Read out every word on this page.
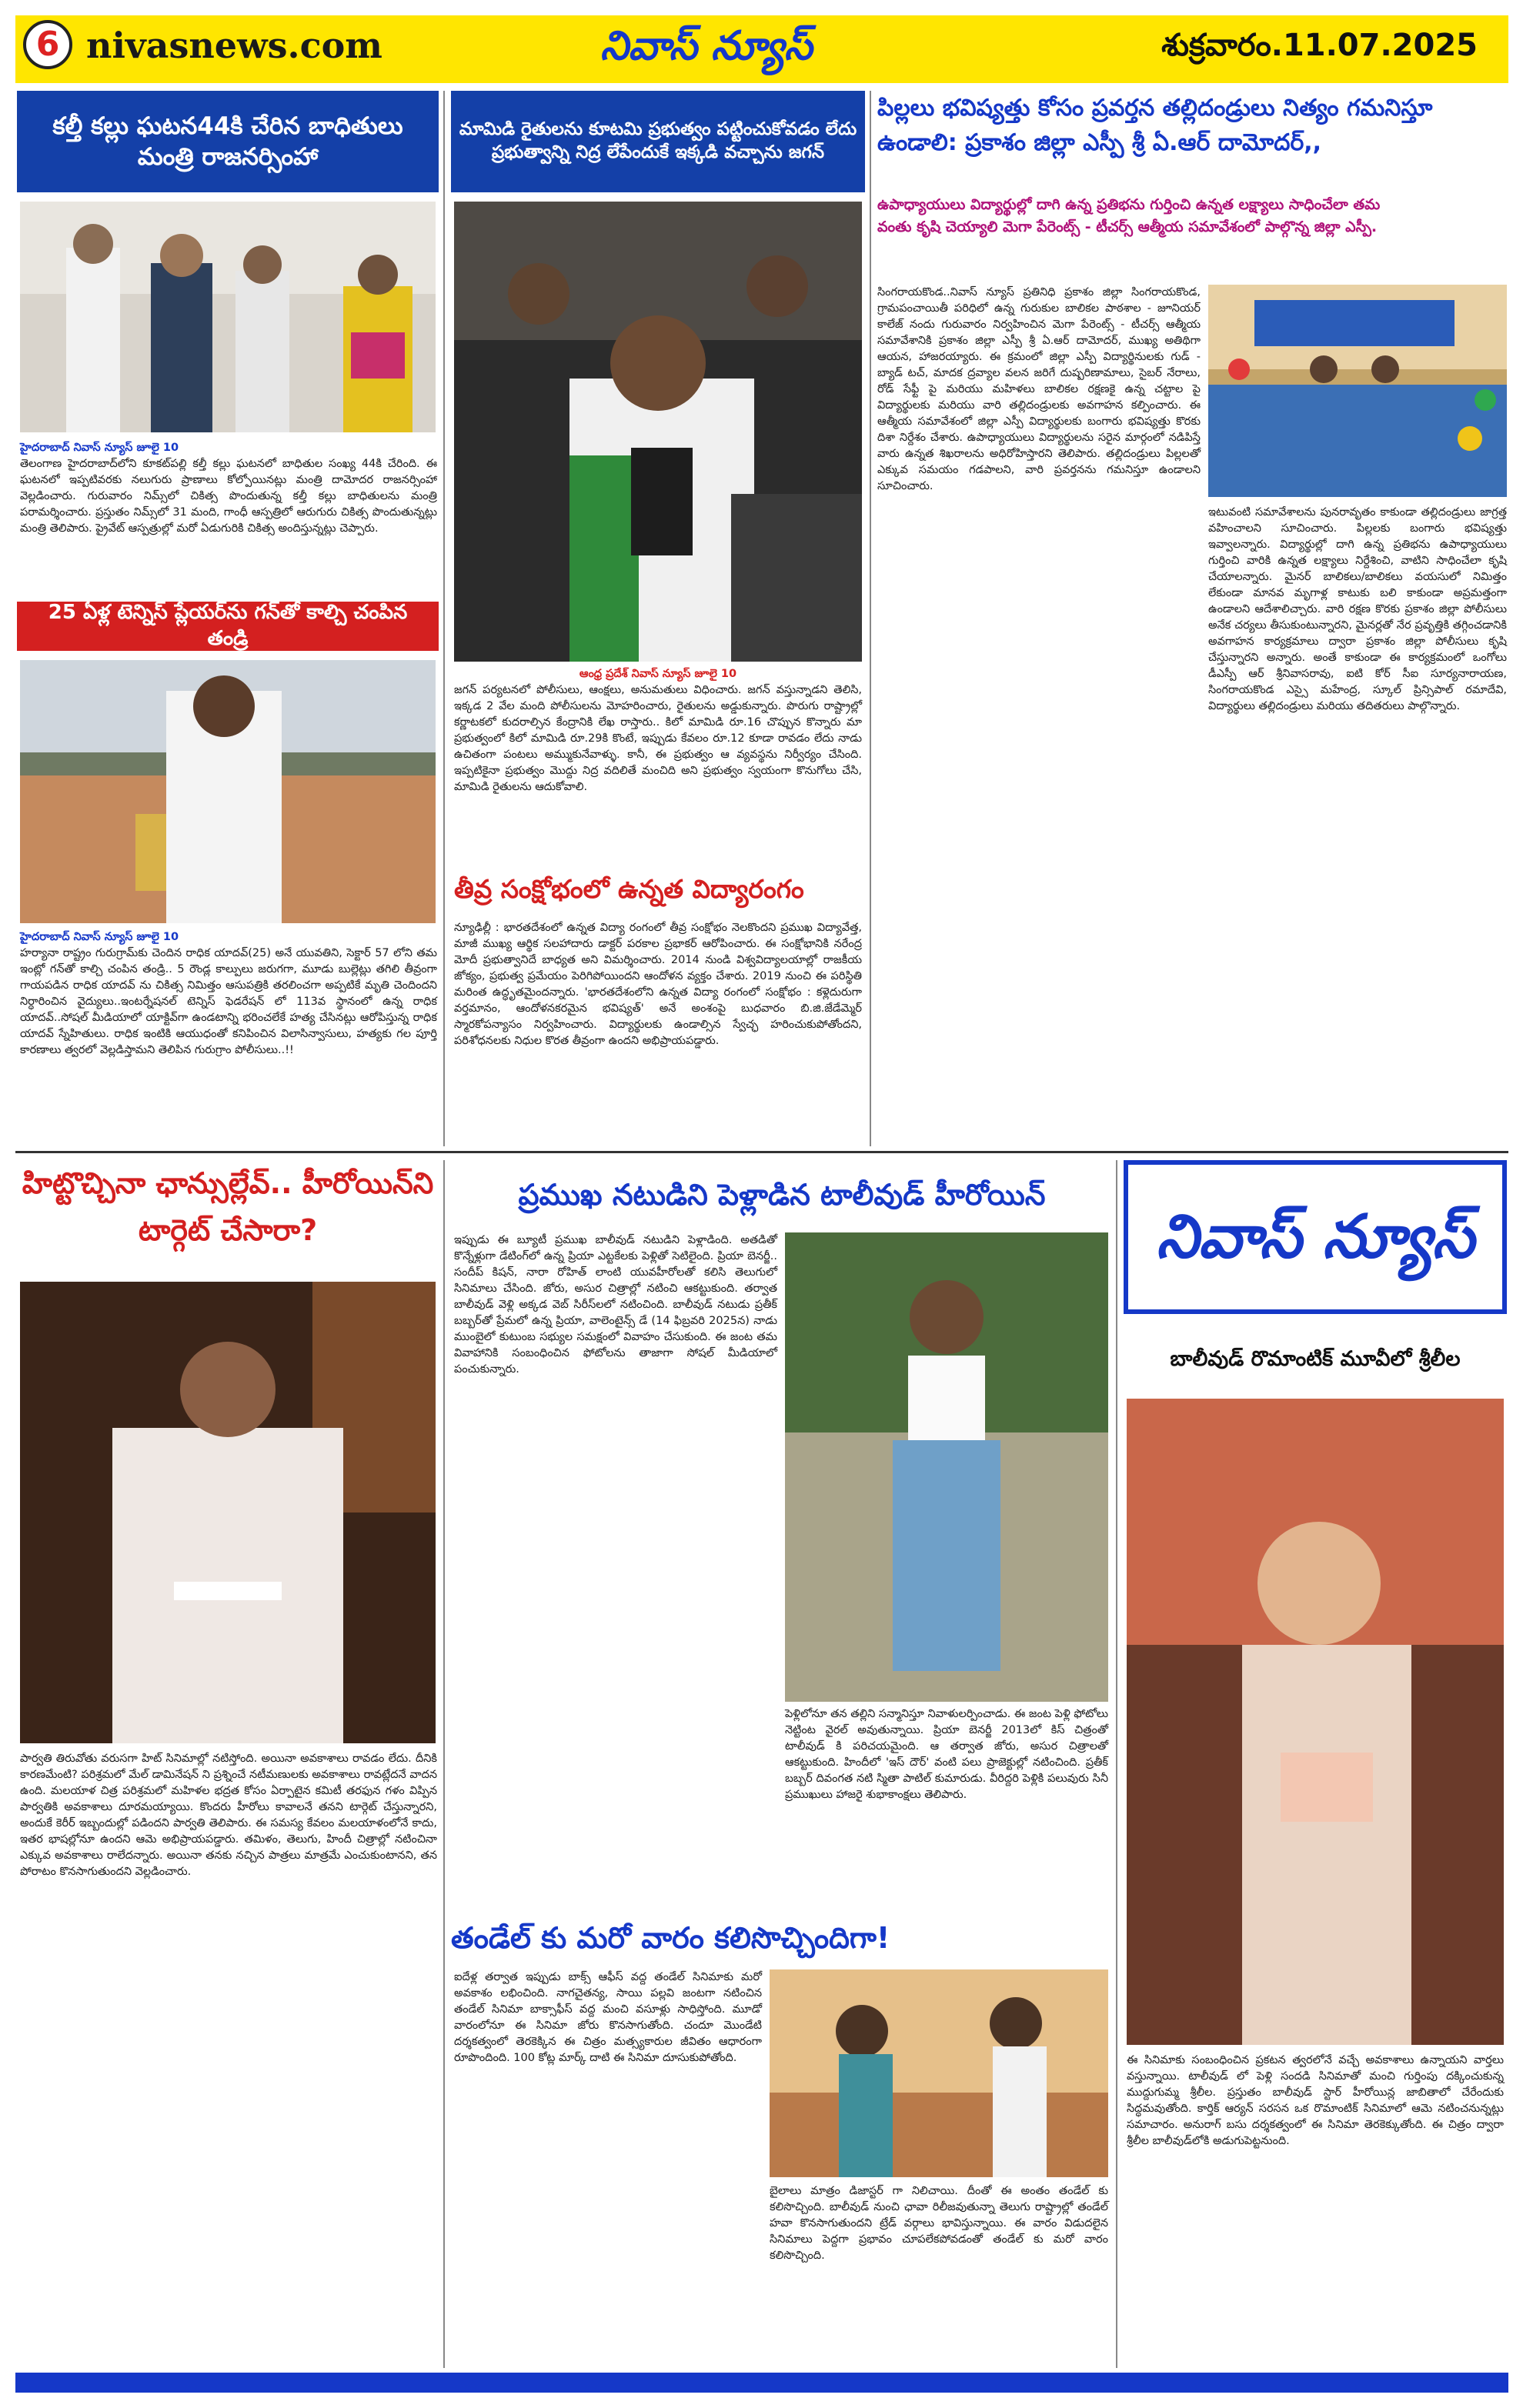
6 nivasnews.com	నివాస్ న్యూస్	శుక్రవారం.11.07.2025
కల్తీ కల్లు ఘటన44కి చేరిన బాధితులు మంత్రి రాజనర్సింహా
హైదరాబాద్ నివాస్ న్యూస్ జూలై 10
తెలంగాణ హైదరాబాద్‌లోని కూకట్‌పల్లి కల్తీ కల్లు ఘటనలో బాధితుల సంఖ్య 44కి చేరింది. ఈ ఘటనలో ఇప్పటివరకు నలుగురు ప్రాణాలు కోల్పోయినట్లు మంత్రి దామోదర రాజనర్సింహా వెల్లడించారు. గురువారం నిమ్స్‌లో చికిత్స పొందుతున్న కల్తీ కల్లు బాధితులను మంత్రి పరామర్శించారు. ప్రస్తుతం నిమ్స్‌లో 31 మంది, గాంధీ ఆస్పత్రిలో ఆరుగురు చికిత్స పొందుతున్నట్లు మంత్రి తెలిపారు. ప్రైవేట్ ఆస్పత్రుల్లో మరో ఏడుగురికి చికిత్స అందిస్తున్నట్లు చెప్పారు.
25 ఏళ్ల టెన్నిస్ ప్లేయర్‌ను గన్‌తో కాల్చి చంపిన తండ్రి
హైదరాబాద్ నివాస్ న్యూస్ జూలై 10
హర్యానా రాష్ట్రం గురుగ్రామ్‌కు చెందిన రాధిక యాదవ్(25) అనే యువతిని, సెక్టార్ 57 లోని తమ ఇంట్లో గన్‌తో కాల్చి చంపిన తండ్రి.. 5 రౌండ్ల కాల్పులు జరుగగా, మూడు బుల్లెట్లు తగిలి తీవ్రంగా గాయపడిన రాధిక యాదవ్ ను చికిత్స నిమిత్తం ఆసుపత్రికి తరలించగా అప్పటికే మృతి చెందిందని నిర్ధారించిన వైద్యులు..ఇంటర్నేషనల్ టెన్నిస్ ఫెడరేషన్ లో 113వ స్థానంలో ఉన్న రాధిక యాదవ్..సోషల్ మీడియాలో యాక్టివ్‌గా ఉండటాన్ని భరించలేకే హత్య చేసినట్లు ఆరోపిస్తున్న రాధిక యాదవ్ స్నేహితులు. రాధిక ఇంటికి ఆయుధంతో కనిపించిన విలాసిన్వాసులు, హత్యకు గల పూర్తి కారణాలు త్వరలో వెల్లడిస్తామని తెలిపిన గురుగ్రాం పోలీసులు..!!
మామిడి రైతులను కూటమి ప్రభుత్వం పట్టించుకోవడం లేదు ప్రభుత్వాన్ని నిద్ర లేపేందుకే ఇక్కడి వచ్చాను జగన్
ఆంధ్ర ప్రదేశ్ నివాస్ న్యూస్ జూలై 10
జగన్ పర్యటనలో పోలీసులు, ఆంక్షలు, అనుమతులు విధించారు. జగన్ వస్తున్నాడని తెలిసి, ఇక్కడ 2 వేల మంది పోలీసులను మోహరించారు, రైతులను అడ్డుకున్నారు. పొరుగు రాష్ట్రాల్లో కర్ణాటకలో కుదరాల్సిన కేంద్రానికి లేఖ రాస్తారు.. కిలో మామిడి రూ.16 చొప్పున కొన్నారు మా ప్రభుత్వంలో కిలో మామిడి రూ.29కి కొంటే, ఇప్పుడు కేవలం రూ.12 కూడా రావడం లేదు నాడు ఉచితంగా పంటలు అమ్ముకునేవాళ్ళు. కానీ, ఈ ప్రభుత్వం ఆ వ్యవస్థను నిర్వీర్యం చేసింది. ఇప్పటికైనా ప్రభుత్వం మొద్దు నిద్ర వదిలితే మంచిది అని ప్రభుత్వం స్వయంగా కొనుగోలు చేసి, మామిడి రైతులను ఆదుకోవాలి.
తీవ్ర సంక్షోభంలో ఉన్నత విద్యారంగం
న్యూఢిల్లీ : భారతదేశంలో ఉన్నత విద్యా రంగంలో తీవ్ర సంక్షోభం నెలకొందని ప్రముఖ విద్యావేత్త, మాజీ ముఖ్య ఆర్థిక సలహాదారు డాక్టర్ పరకాల ప్రభాకర్ ఆరోపించారు. ఈ సంక్షోభానికి నరేంద్ర మోదీ ప్రభుత్వానిదే బాధ్యత అని విమర్శించారు. 2014 నుండి విశ్వవిద్యాలయాల్లో రాజకీయ జోక్యం, ప్రభుత్వ ప్రమేయం పెరిగిపోయిందని ఆందోళన వ్యక్తం చేశారు. 2019 నుంచి ఈ పరిస్థితి మరింత ఉద్ధృతమైందన్నారు. 'భారతదేశంలోని ఉన్నత విద్యా రంగంలో సంక్షోభం : కళ్లెదురుగా వర్తమానం, ఆందోళనకరమైన భవిష్యత్' అనే అంశంపై బుధవారం బి.జి.జేడేమ్మెర్ స్మారకోపన్యాసం నిర్వహించారు. విద్యార్థులకు ఉండాల్సిన స్వేచ్ఛ హరించుకుపోతోందని, పరిశోధనలకు నిధుల కొరత తీవ్రంగా ఉందని అభిప్రాయపడ్డారు.
పిల్లలు భవిష్యత్తు కోసం ప్రవర్తన తల్లిదండ్రులు నిత్యం గమనిస్తూ ఉండాలి: ప్రకాశం జిల్లా ఎస్పీ శ్రీ ఏ.ఆర్ దామోదర్,,
ఉపాధ్యాయులు విద్యార్థుల్లో దాగి ఉన్న ప్రతిభను గుర్తించి ఉన్నత లక్ష్యాలు సాధించేలా తమ వంతు కృషి చెయ్యాలి మెగా పేరెంట్స్ - టీచర్స్ ఆత్మీయ సమావేశంలో పాల్గొన్న జిల్లా ఎస్పీ.
సింగరాయకొండ..నివాస్ న్యూస్ ప్రతినిధి ప్రకాశం జిల్లా సింగరాయకొండ, గ్రామపంచాయితీ పరిధిలో ఉన్న గురుకుల బాలికల పాఠశాల - జూనియర్ కాలేజ్ నందు గురువారం నిర్వహించిన మెగా పేరెంట్స్ - టీచర్స్ ఆత్మీయ సమావేశానికి ప్రకాశం జిల్లా ఎస్పీ శ్రీ ఏ.ఆర్ దామోదర్, ముఖ్య అతిథిగా ఆయన, హాజరయ్యారు. ఈ క్రమంలో జిల్లా ఎస్పీ విద్యార్థినులకు గుడ్ - బ్యాడ్ టచ్, మాదక ద్రవ్యాల వలన జరిగే దుష్పరిణామాలు, సైబర్ నేరాలు, రోడ్ సేఫ్టీ పై మరియు మహిళలు బాలికల రక్షణకై ఉన్న చట్టాల పై విద్యార్థులకు మరియు వారి తల్లిదండ్రులకు అవగాహన కల్పించారు. ఈ ఆత్మీయ సమావేశంలో జిల్లా ఎస్పీ విద్యార్థులకు బంగారు భవిష్యత్తు కొరకు దిశా నిర్దేశం చేశారు. ఉపాధ్యాయులు విద్యార్థులను సరైన మార్గంలో నడిపిస్తే వారు ఉన్నత శిఖరాలను అధిరోహిస్తారని తెలిపారు. తల్లిదండ్రులు పిల్లలతో ఎక్కువ సమయం గడపాలని, వారి ప్రవర్తనను గమనిస్తూ ఉండాలని సూచించారు.
ఇటువంటి సమావేశాలను పునరావృతం కాకుండా తల్లిదండ్రులు జాగ్రత్త వహించాలని సూచించారు. పిల్లలకు బంగారు భవిష్యత్తు ఇవ్వాలన్నారు. విద్యార్థుల్లో దాగి ఉన్న ప్రతిభను ఉపాధ్యాయులు గుర్తించి వారికి ఉన్నత లక్ష్యాలు నిర్దేశించి, వాటిని సాధించేలా కృషి చేయాలన్నారు. మైనర్ బాలికలు/బాలికలు వయసులో నిమిత్తం లేకుండా మానవ మృగాళ్ల కాటుకు బలి కాకుండా అప్రమత్తంగా ఉండాలని ఆదేశాలిచ్చారు. వారి రక్షణ కొరకు ప్రకాశం జిల్లా పోలీసులు అనేక చర్యలు తీసుకుంటున్నారని, మైనర్లతో నేర ప్రవృత్తికి తగ్గించడానికి అవగాహన కార్యక్రమాలు ద్వారా ప్రకాశం జిల్లా పోలీసులు కృషి చేస్తున్నారని అన్నారు. అంతే కాకుండా ఈ కార్యక్రమంలో ఒంగోలు డీఎస్పీ ఆర్ శ్రీనివాసరావు, ఐటి కోర్ సీఐ సూర్యనారాయణ, సింగరాయకొండ ఎస్సై మహేంద్ర, స్కూల్ ప్రిన్సిపాల్ రమాదేవి, విద్యార్థులు తల్లిదండ్రులు మరియు తదితరులు పాల్గొన్నారు.
హిట్టొచ్చినా ఛాన్సుల్లేవ్.. హీరోయిన్‌ని టార్గెట్ చేసారా?
పార్వతి తిరువోతు వరుసగా హిట్ సినిమాల్లో నటిస్తోంది. అయినా అవకాశాలు రావడం లేదు. దీనికి కారణమేంటి? పరిశ్రమలో మేల్ డామినేషన్ ని ప్రశ్నించే నటీమణులకు అవకాశాలు రావట్లేదనే వాదన ఉంది. మలయాళ చిత్ర పరిశ్రమలో మహిళల భద్రత కోసం ఏర్పాటైన కమిటీ తరఫున గళం విప్పిన పార్వతికి అవకాశాలు దూరమయ్యాయి. కొందరు హీరోలు కావాలనే తనని టార్గెట్ చేస్తున్నారని, అందుకే కెరీర్ ఇబ్బందుల్లో పడిందని పార్వతి తెలిపారు. ఈ సమస్య కేవలం మలయాళంలోనే కాదు, ఇతర భాషల్లోనూ ఉందని ఆమె అభిప్రాయపడ్డారు. తమిళం, తెలుగు, హిందీ చిత్రాల్లో నటించినా ఎక్కువ అవకాశాలు రాలేదన్నారు. అయినా తనకు నచ్చిన పాత్రలు మాత్రమే ఎంచుకుంటానని, తన పోరాటం కొనసాగుతుందని వెల్లడించారు.
ప్రముఖ నటుడిని పెళ్లాడిన టాలీవుడ్ హీరోయిన్
ఇప్పుడు ఈ బ్యూటీ ప్రముఖ బాలీవుడ్ నటుడిని పెళ్లాడింది. అతడితో కొన్నేళ్లుగా డేటింగ్‌లో ఉన్న ప్రియా ఎట్టకేలకు పెళ్లితో సెటిలైంది. ప్రియా బెనర్జీ.. సందీప్ కిషన్, నారా రోహిత్ లాంటి యువహీరోలతో కలిసి తెలుగులో సినిమాలు చేసింది. జోరు, అసుర చిత్రాల్లో నటించి ఆకట్టుకుంది. తర్వాత బాలీవుడ్ వెళ్లి అక్కడ వెబ్ సిరీస్‌లలో నటించింది. బాలీవుడ్ నటుడు ప్రతీక్ బబ్బర్‌తో ప్రేమలో ఉన్న ప్రియా, వాలెంటైన్స్ డే (14 ఫిబ్రవరి 2025న) నాడు ముంబైలో కుటుంబ సభ్యుల సమక్షంలో వివాహం చేసుకుంది. ఈ జంట తమ వివాహానికి సంబంధించిన ఫోటోలను తాజాగా సోషల్ మీడియాలో పంచుకున్నారు.
పెళ్లిలోనూ తన తల్లిని సన్మానిస్తూ నివాళులర్పించాడు. ఈ జంట పెళ్లి ఫోటోలు నెట్టింట వైరల్ అవుతున్నాయి. ప్రియా బెనర్జీ 2013లో కిస్ చిత్రంతో టాలీవుడ్ కి పరిచయమైంది. ఆ తర్వాత జోరు, అసుర చిత్రాలతో ఆకట్టుకుంది. హిందీలో 'ఇస్ దౌర్' వంటి పలు ప్రాజెక్టుల్లో నటించింది. ప్రతీక్ బబ్బర్ దివంగత నటి స్మితా పాటిల్ కుమారుడు. వీరిద్దరి పెళ్లికి పలువురు సినీ ప్రముఖులు హాజరై శుభాకాంక్షలు తెలిపారు.
తండేల్ కు మరో వారం కలిసొచ్చిందిగా!
ఐదేళ్ల తర్వాత ఇప్పుడు బాక్స్ ఆఫీస్ వద్ద తండేల్ సినిమాకు మరో అవకాశం లభించింది. నాగచైతన్య, సాయి పల్లవి జంటగా నటించిన తండేల్ సినిమా బాక్సాఫీస్ వద్ద మంచి వసూళ్లు సాధిస్తోంది. మూడో వారంలోనూ ఈ సినిమా జోరు కొనసాగుతోంది. చందూ మొండేటి దర్శకత్వంలో తెరకెక్కిన ఈ చిత్రం మత్స్యకారుల జీవితం ఆధారంగా రూపొందింది. 100 కోట్ల మార్క్ దాటి ఈ సినిమా దూసుకుపోతోంది.
బైలాలు మాత్రం డిజాస్టర్ గా నిలిచాయి. దీంతో ఈ అంతం తండేల్ కు కలిసొచ్చింది. బాలీవుడ్ నుంచి ఛావా రిలీజవుతున్నా తెలుగు రాష్ట్రాల్లో తండేల్ హవా కొనసాగుతుందని ట్రేడ్ వర్గాలు భావిస్తున్నాయి. ఈ వారం విడుదలైన సినిమాలు పెద్దగా ప్రభావం చూపలేకపోవడంతో తండేల్ కు మరో వారం కలిసొచ్చింది.
నివాస్ న్యూస్
బాలీవుడ్ రొమాంటిక్ మూవీలో శ్రీలీల
ఈ సినిమాకు సంబంధించిన ప్రకటన త్వరలోనే వచ్చే అవకాశాలు ఉన్నాయని వార్తలు వస్తున్నాయి. టాలీవుడ్ లో పెళ్లి సందడి సినిమాతో మంచి గుర్తింపు దక్కించుకున్న ముద్దుగుమ్మ శ్రీలీల. ప్రస్తుతం బాలీవుడ్ స్టార్ హీరోయిన్ల జాబితాలో చేరేందుకు సిద్ధమవుతోంది. కార్తిక్ ఆర్యన్ సరసన ఒక రొమాంటిక్ సినిమాలో ఆమె నటించనున్నట్లు సమాచారం. అనురాగ్ బసు దర్శకత్వంలో ఈ సినిమా తెరకెక్కుతోంది. ఈ చిత్రం ద్వారా శ్రీలీల బాలీవుడ్‌లోకి అడుగుపెట్టనుంది.
